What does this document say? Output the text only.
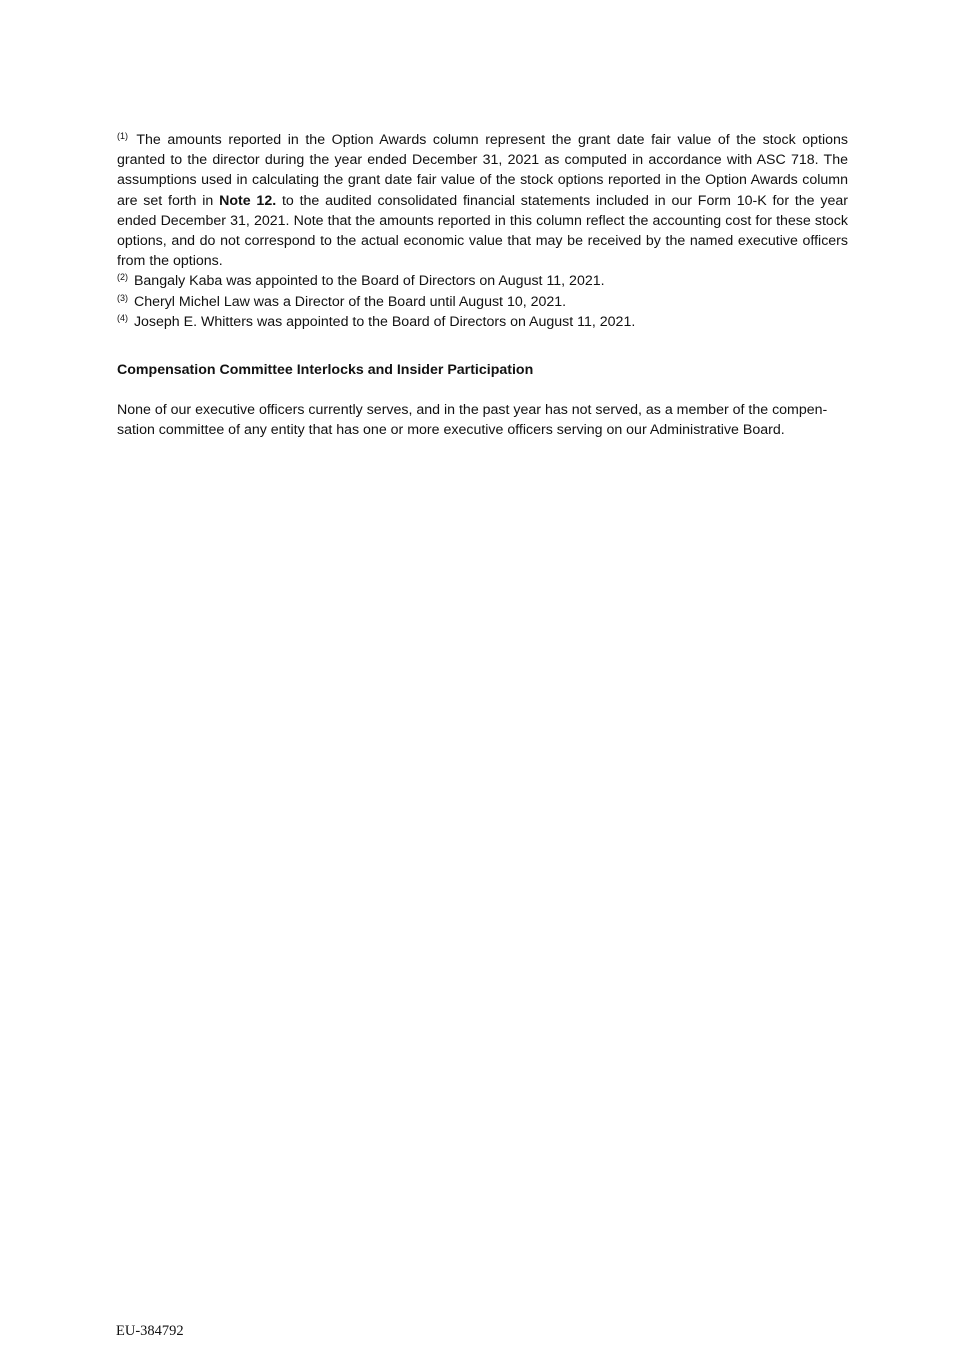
$^{(1)}$ The amounts reported in the Option Awards column represent the grant date fair value of the stock options granted to the director during the year ended December 31, 2021 as computed in accordance with ASC 718. The assumptions used in calculating the grant date fair value of the stock options reported in the Option Awards column are set forth in Note 12. to the audited consolidated financial statements included in our Form 10-K for the year ended December 31, 2021. Note that the amounts reported in this column reflect the accounting cost for these stock options, and do not correspond to the actual economic value that may be received by the named executive officers from the options.

$^{(2)}$ Bangaly Kaba was appointed to the Board of Directors on August 11, 2021.

$^{(3)}$ Cheryl Michel Law was a Director of the Board until August 10, 2021.

$^{(4)}$ Joseph E. Whitters was appointed to the Board of Directors on August 11, 2021.

Compensation Committee Interlocks and Insider Participation

None of our executive officers currently serves, and in the past year has not served, as a member of the compen-sation committee of any entity that has one or more executive officers serving on our Administrative Board.

EU-384792
